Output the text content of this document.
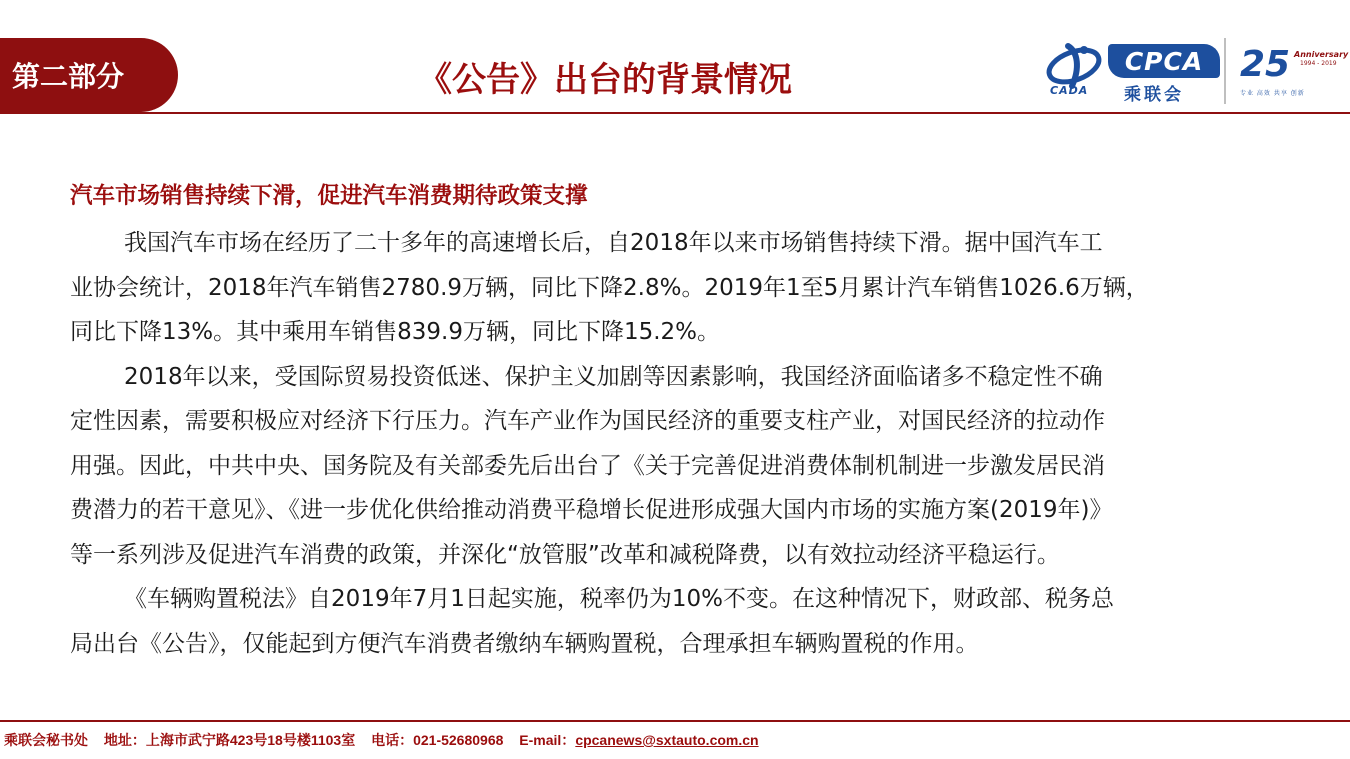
第二部分	《公告》出台的背景情况	CADA
CPCA
乘联会
25 Anniversary
1994 - 2019
专业 高效 共享 创新
汽车市场销售持续下滑，促进汽车消费期待政策支撑

我国汽车市场在经历了二十多年的高速增长后，自2018年以来市场销售持续下滑。据中国汽车工
业协会统计，2018年汽车销售2780.9万辆，同比下降2.8%。2019年1至5月累计汽车销售1026.6万辆，
同比下降13%。其中乘用车销售839.9万辆，同比下降15.2%。

2018年以来，受国际贸易投资低迷、保护主义加剧等因素影响，我国经济面临诸多不稳定性不确
定性因素，需要积极应对经济下行压力。汽车产业作为国民经济的重要支柱产业，对国民经济的拉动作
用强。因此，中共中央、国务院及有关部委先后出台了《关于完善促进消费体制机制进一步激发居民消
费潜力的若干意见》、《进一步优化供给推动消费平稳增长促进形成强大国内市场的实施方案(2019年)》
等一系列涉及促进汽车消费的政策，并深化“放管服”改革和减税降费，以有效拉动经济平稳运行。

《车辆购置税法》自2019年7月1日起实施，税率仍为10%不变。在这种情况下，财政部、税务总
局出台《公告》，仅能起到方便汽车消费者缴纳车辆购置税，合理承担车辆购置税的作用。

乘联会秘书处 地址：上海市武宁路423号18号楼1103室 电话：021-52680968 E-mail：cpcanews@sxtauto.com.cn
